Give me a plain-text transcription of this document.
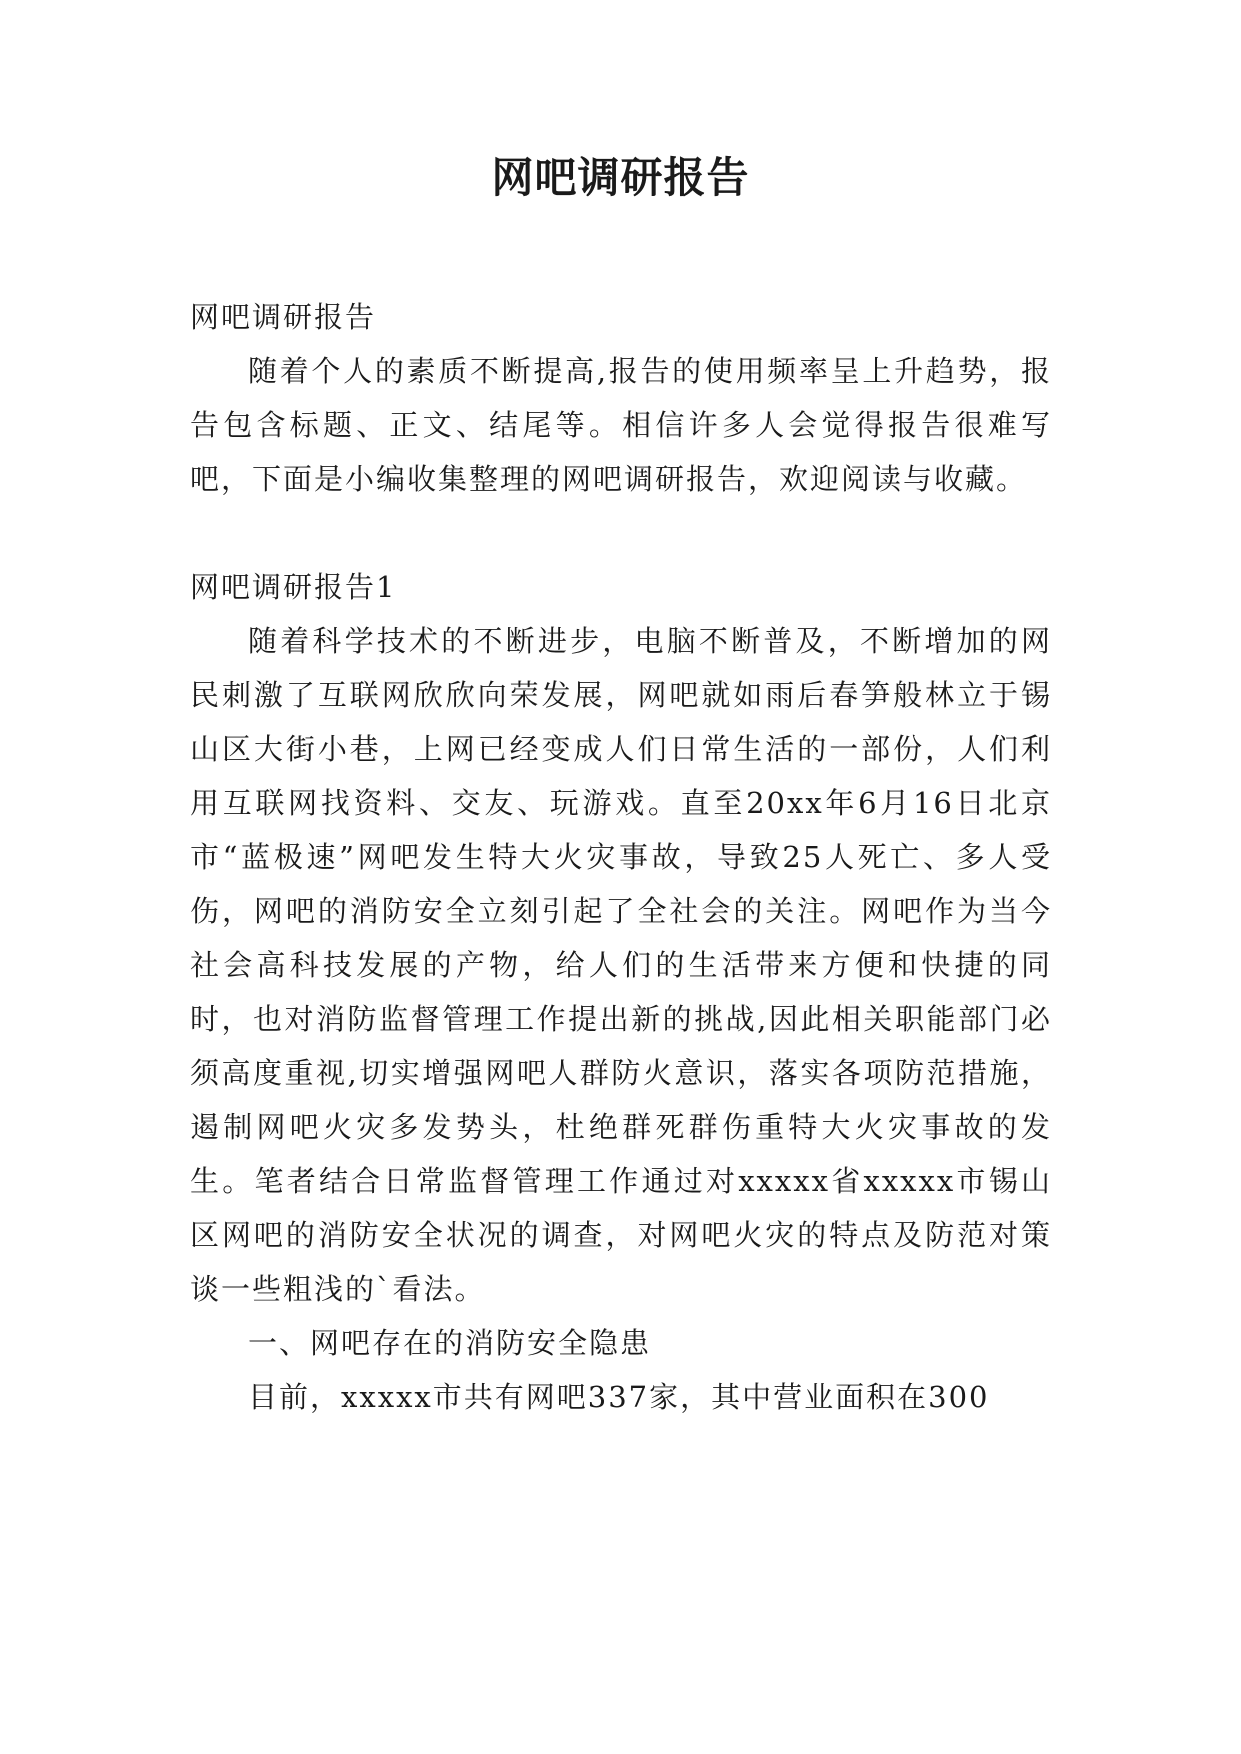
网吧调研报告

网吧调研报告

随着个人的素质不断提高,报告的使用频率呈上升趋势，报告包含标题、正文、结尾等。相信许多人会觉得报告很难写吧，下面是小编收集整理的网吧调研报告，欢迎阅读与收藏。

网吧调研报告1

随着科学技术的不断进步，电脑不断普及，不断增加的网民刺激了互联网欣欣向荣发展，网吧就如雨后春笋般林立于锡山区大街小巷，上网已经变成人们日常生活的一部份，人们利用互联网找资料、交友、玩游戏。直至20xx年6月16日北京市“蓝极速”网吧发生特大火灾事故，导致25人死亡、多人受伤，网吧的消防安全立刻引起了全社会的关注。网吧作为当今社会高科技发展的产物，给人们的生活带来方便和快捷的同时，也对消防监督管理工作提出新的挑战,因此相关职能部门必须高度重视,切实增强网吧人群防火意识，落实各项防范措施，遏制网吧火灾多发势头，杜绝群死群伤重特大火灾事故的发生。笔者结合日常监督管理工作通过对xxxxx省xxxxx市锡山区网吧的消防安全状况的调查，对网吧火灾的特点及防范对策谈一些粗浅的`看法。

一、网吧存在的消防安全隐患

目前，xxxxx市共有网吧337家，其中营业面积在300
